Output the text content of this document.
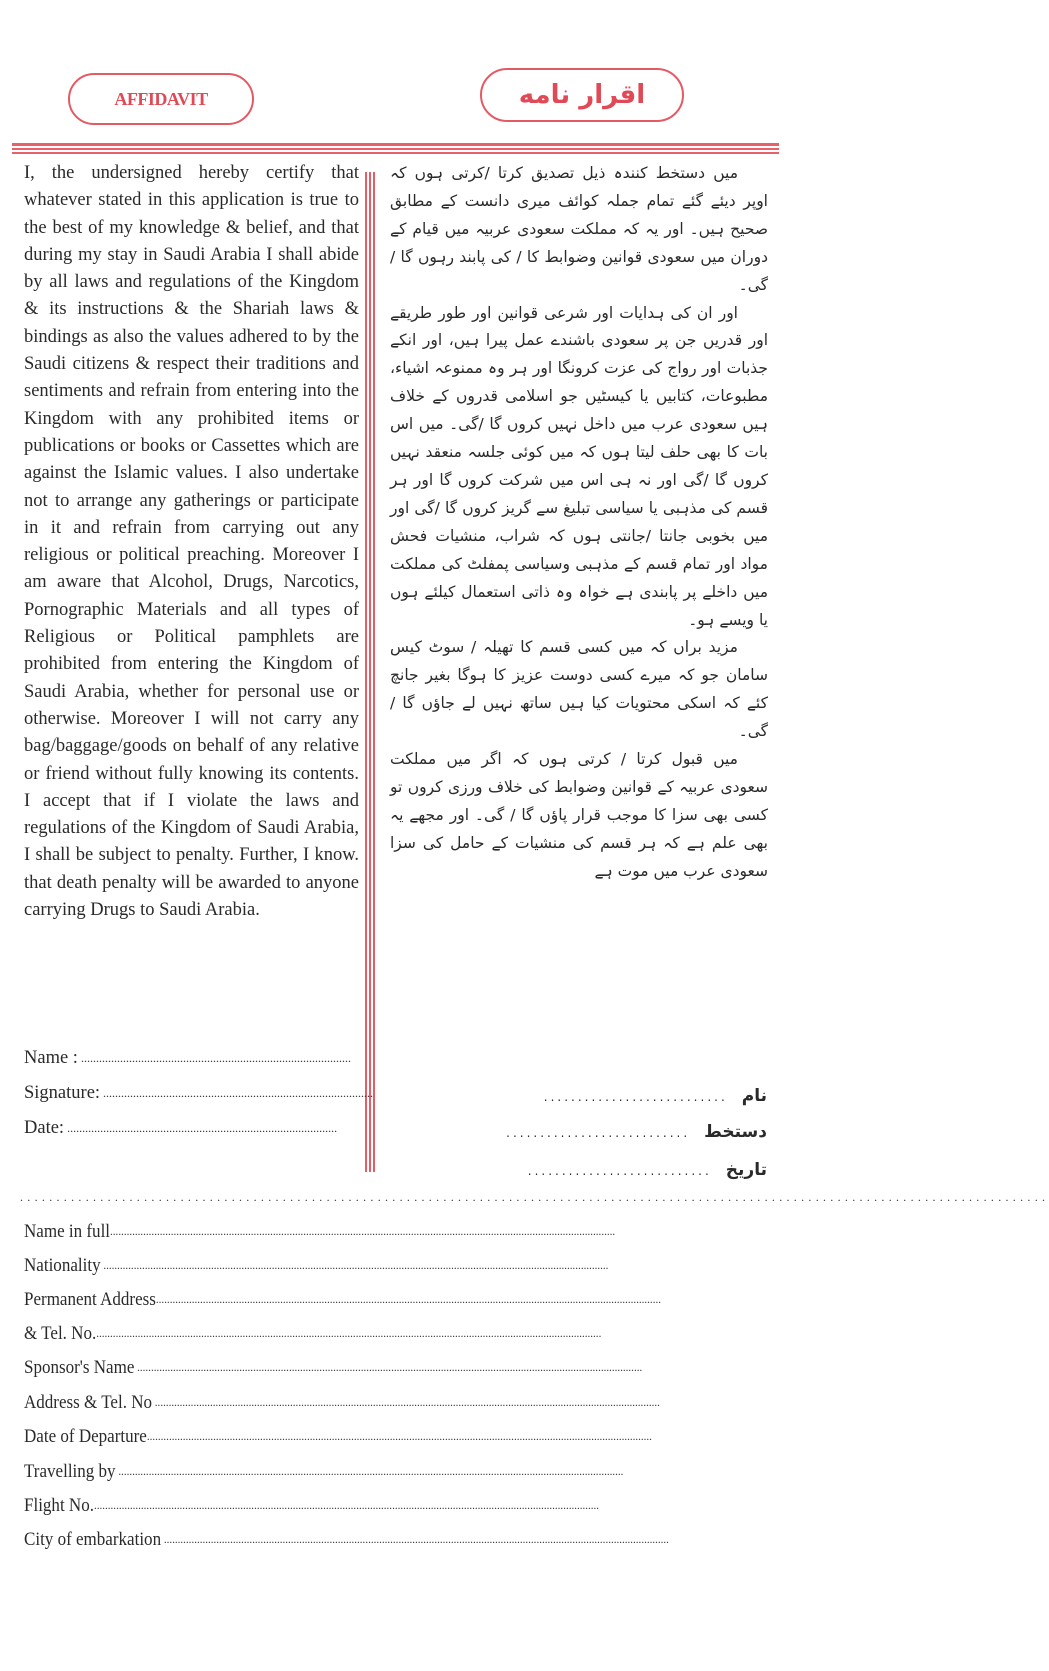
AFFIDAVIT	اقرار نامه

I, the undersigned hereby certify that whatever stated in this application is true to the best of my knowledge & belief, and that during my stay in Saudi Arabia I shall abide by all laws and regulations of the Kingdom & its instructions & the Shariah laws & bindings as also the values adhered to by the Saudi citizens & respect their traditions and sentiments and refrain from entering into the Kingdom with any prohibited items or publications or books or Cassettes which are against the Islamic values. I also undertake not to arrange any gatherings or participate in it and refrain from carrying out any religious or political preaching. Moreover I am aware that Alcohol, Drugs, Narcotics, Pornographic Materials and all types of Religious or Political pamphlets are prohibited from entering the Kingdom of Saudi Arabia, whether for personal use or otherwise. Moreover I will not carry any bag/baggage/goods on behalf of any relative or friend without fully knowing its contents. I accept that if I violate the laws and regulations of the Kingdom of Saudi Arabia, I shall be subject to penalty. Further, I know. that death penalty will be awarded to anyone carrying Drugs to Saudi Arabia.

Name : ..........................................................................................
Signature: ..........................................................................................
Date: ..........................................................................................

میں دستخط کنندہ ذیل تصدیق کرتا /کرتی ہوں کہ اوپر دیئے گئے تمام جملہ کوائف میری دانست کے مطابق صحیح ہیں۔ اور یہ کہ مملکت سعودی عربیہ میں قیام کے دوران میں سعودی قوانین وضوابط کا / کی پابند رہوں گا / گی۔

اور ان کی ہدایات اور شرعی قوانین اور طور طریقے اور قدریں جن پر سعودی باشندے عمل پیرا ہیں، اور انکے جذبات اور رواج کی عزت کرونگا اور ہر وہ ممنوعہ اشیاء، مطبوعات، کتابیں یا کیسٹیں جو اسلامی قدروں کے خلاف ہیں سعودی عرب میں داخل نہیں کروں گا /گی۔ میں اس بات کا بھی حلف لیتا ہوں کہ میں کوئی جلسہ منعقد نہیں کروں گا /گی اور نہ ہی اس میں شرکت کروں گا اور ہر قسم کی مذہبی یا سیاسی تبلیغ سے گریز کروں گا /گی اور میں بخوبی جانتا /جانتی ہوں کہ شراب، منشیات فحش مواد اور تمام قسم کے مذہبی وسیاسی پمفلٹ کی مملکت میں داخلے پر پابندی ہے خواہ وہ ذاتی استعمال کیلئے ہوں یا ویسے ہو۔

مزید براں کہ میں کسی قسم کا تھیلہ / سوٹ کیس سامان جو کہ میرے کسی دوست عزیز کا ہوگا بغیر جانچ کئے کہ اسکی محتویات کیا ہیں ساتھ نہیں لے جاؤں گا /گی۔

میں قبول کرتا / کرتی ہوں کہ اگر میں مملکت سعودی عربیہ کے قوانین وضوابط کی خلاف ورزی کروں تو کسی بھی سزا کا موجب قرار پاؤں گا / گی۔ اور مجھے یہ بھی علم ہے کہ ہر قسم کی منشیات کے حامل کی سزا سعودی عرب میں موت ہے

نام
...........................
دستخط
...........................
تاریخ
...........................
.............................................................................................................................................
Name in full .......................................................................................................................................................................................
Nationality .......................................................................................................................................................................................
Permanent Address .......................................................................................................................................................................................
& Tel. No. .......................................................................................................................................................................................
Sponsor's Name .......................................................................................................................................................................................
Address & Tel. No .......................................................................................................................................................................................
Date of Departure .......................................................................................................................................................................................
Travelling by .......................................................................................................................................................................................
Flight No. .......................................................................................................................................................................................
City of embarkation .......................................................................................................................................................................................
